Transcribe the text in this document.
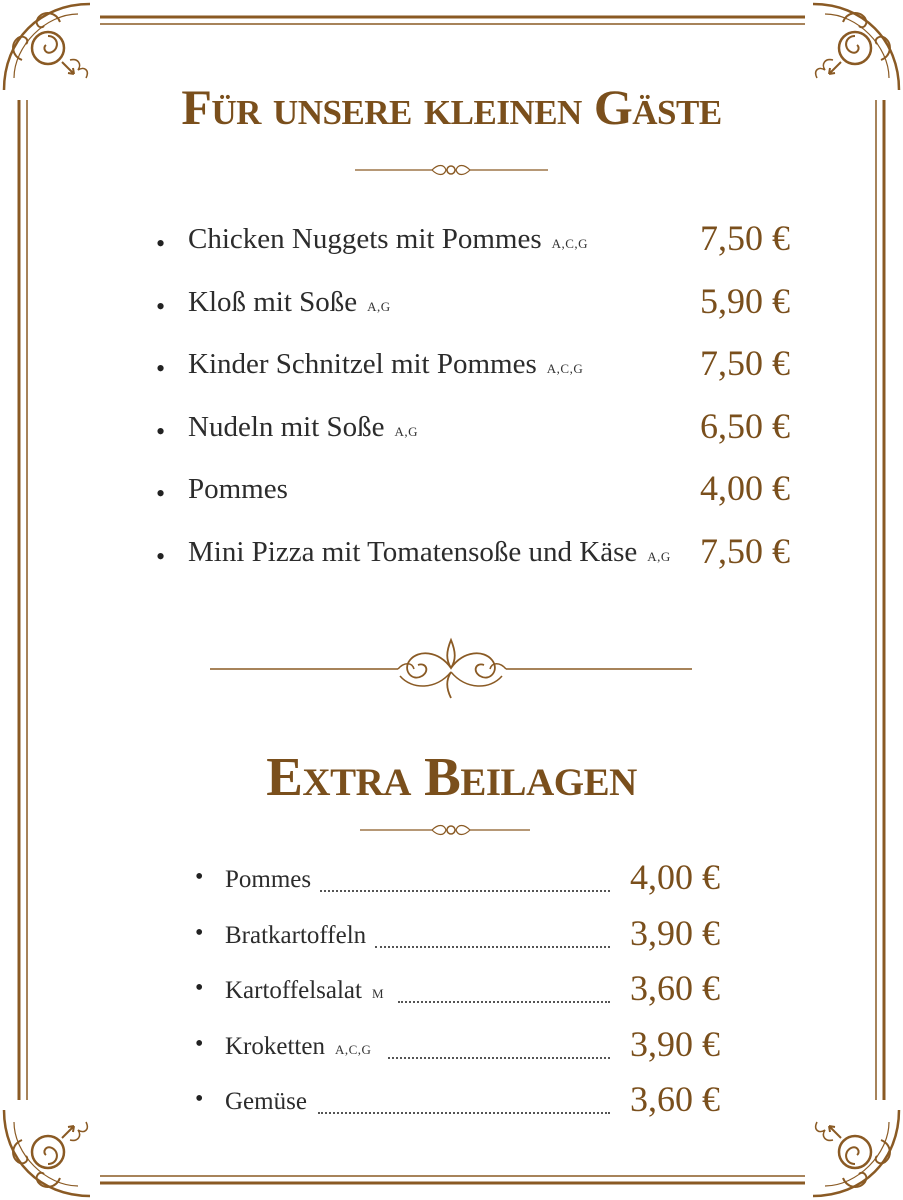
Für unsere kleinen Gäste
• Chicken Nuggets mit Pommes A,C,G	7,50 €
• Kloß mit Soße A,G	5,90 €
• Kinder Schnitzel mit Pommes A,C,G	7,50 €
• Nudeln mit Soße A,G	6,50 €
• Pommes	4,00 €
• Mini Pizza mit Tomatensoße und Käse A,G 7,50 €
Extra Beilagen
• Pommes	4,00 €
• Bratkartoffeln	3,90 €
• Kartoffelsalat M	3,60 €
• Kroketten A,C,G	3,90 €
• Gemüse	3,60 €
